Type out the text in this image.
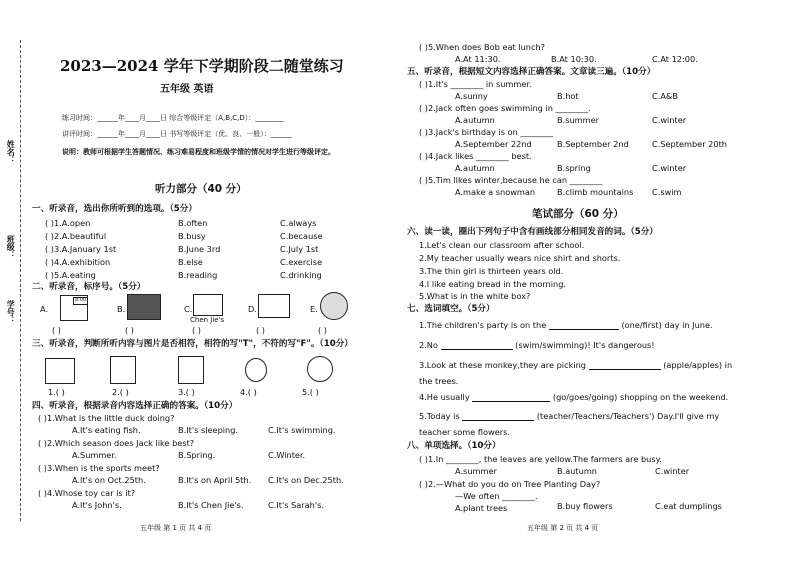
姓名：
班级：
学号：
2023—2024 学年下学期阶段二随堂练习
五年级 英语
练习时间：______年____月____日 综合等级评定（A,B,C,D）：________
讲评时间：______年____月____日 书写等级评定（优、良、一般）：______
说明：教师可根据学生答题情况、练习难易程度和班级学情的情况对学生进行等级评定。
听力部分（40 分）
一、听录音，选出你所听到的选项。（5分）
二、听录音，标序号。（5分）
A.
8:00
B.	C.
Chen Jie's
D.	E.
( )	( )	( )	( )	( )
三、听录音，判断所听内容与图片是否相符，相符的写"T"，不符的写"F"。（10分）
1.( )	2.( )	3.( )	4.( )	5.( )
四、听录音，根据录音内容选择正确的答案。（10分）
五年级 第 1 页 共 4 页
( )1.A.open	B.often	C.always
( )2.A.beautiful	B.busy	C.because
( )3.A.January 1st	B.June 3rd	C.July 1st
( )4.A.exhibition	B.else	C.exercise
( )5.A.eating	B.reading	C.drinking
( )1.What is the little duck doing?
A.It's eating fish.	B.It's sleeping.	C.It's swimming.
( )2.Which season does Jack like best?
A.Summer.	B.Spring.	C.Winter.
( )3.When is the sports meet?
A.It's on Oct.25th.	B.It's on April 5th. C.It's on Dec.25th.
( )4.Whose toy car is it?
A.It's John's.	B.It's Chen Jie's.	C.It's Sarah's.
( )5.When does Bob eat lunch?
A.At 11:30.	B.At 10:30.	C.At 12:00.
五、听录音，根据短文内容选择正确答案。文章读三遍。（10分）
笔试部分（60 分）
六、读一读，圈出下列句子中含有画线部分相同发音的词。（5分）
1.Let's clean our classroom after school.
2.My teacher usually wears nice shirt and shorts.
3.The thin girl is thirteen years old.
4.I like eating bread in the morning.
5.What is in the white box?
七、选词填空。（5分）
1.The children's party is on the	(one/first) day in June.
2.No	(swim/swimming)! It's dangerous!
3.Look at these monkey,they are picking	(apple/apples) in
the trees.
4.He usually	(go/goes/going) shopping on the weekend.
5.Today is	(teacher/Teachers/Teachers') Day.I'll give my
teacher some flowers.
八、单项选择。（10分）
( )1.In ________, the leaves are yellow.The farmers are busy.
A.summer	B.autumn	C.winter
( )2.—What do you do on Tree Planting Day?
—We often ________.
A.plant trees	B.buy flowers	C.eat dumplings
五年级 第 2 页 共 4 页
( )1.It's ________ in summer.
A.sunny	B.hot	C.A&B
( )2.Jack often goes swimming in ________.
A.autumn	B.summer	C.winter
( )3.Jack's birthday is on ________
A.September 22nd	B.September 2nd	C.September 20th
( )4.Jack likes ________ best.
A.autumn	B.spring	C.winter
( )5.Tim likes winter,because he can ________
A.make a snowman	B.climb mountains C.swim
